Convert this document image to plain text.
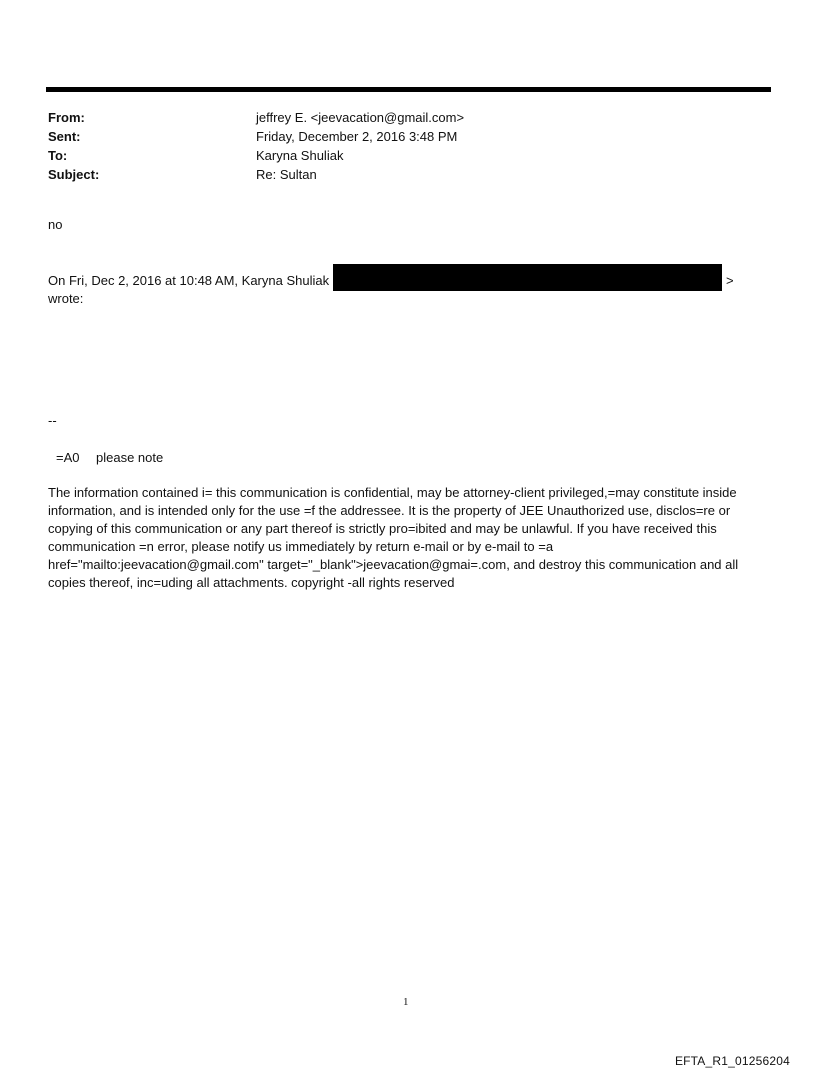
From:	jeffrey E. <jeevacation@gmail.com>
Sent:	Friday, December 2, 2016 3:48 PM
To:	Karyna Shuliak
Subject:	Re: Sultan
no
On Fri, Dec 2, 2016 at 10:48 AM, Karyna Shuliak	>
wrote:
--
=A0 please note
The information contained i= this communication is confidential, may be attorney-client privileged,=may constitute inside information, and is intended only for the use =f the addressee. It is the property of JEE Unauthorized use, disclos=re or copying of this communication or any part thereof is strictly pro=ibited and may be unlawful. If you have received this communication =n error, please notify us immediately by return e-mail or by e-mail to =a href="mailto:jeevacation@gmail.com" target="_blank">jeevacation@gmai=.com, and destroy this communication and all copies thereof, inc=uding all attachments. copyright -all rights reserved
1
EFTA_R1_01256204
